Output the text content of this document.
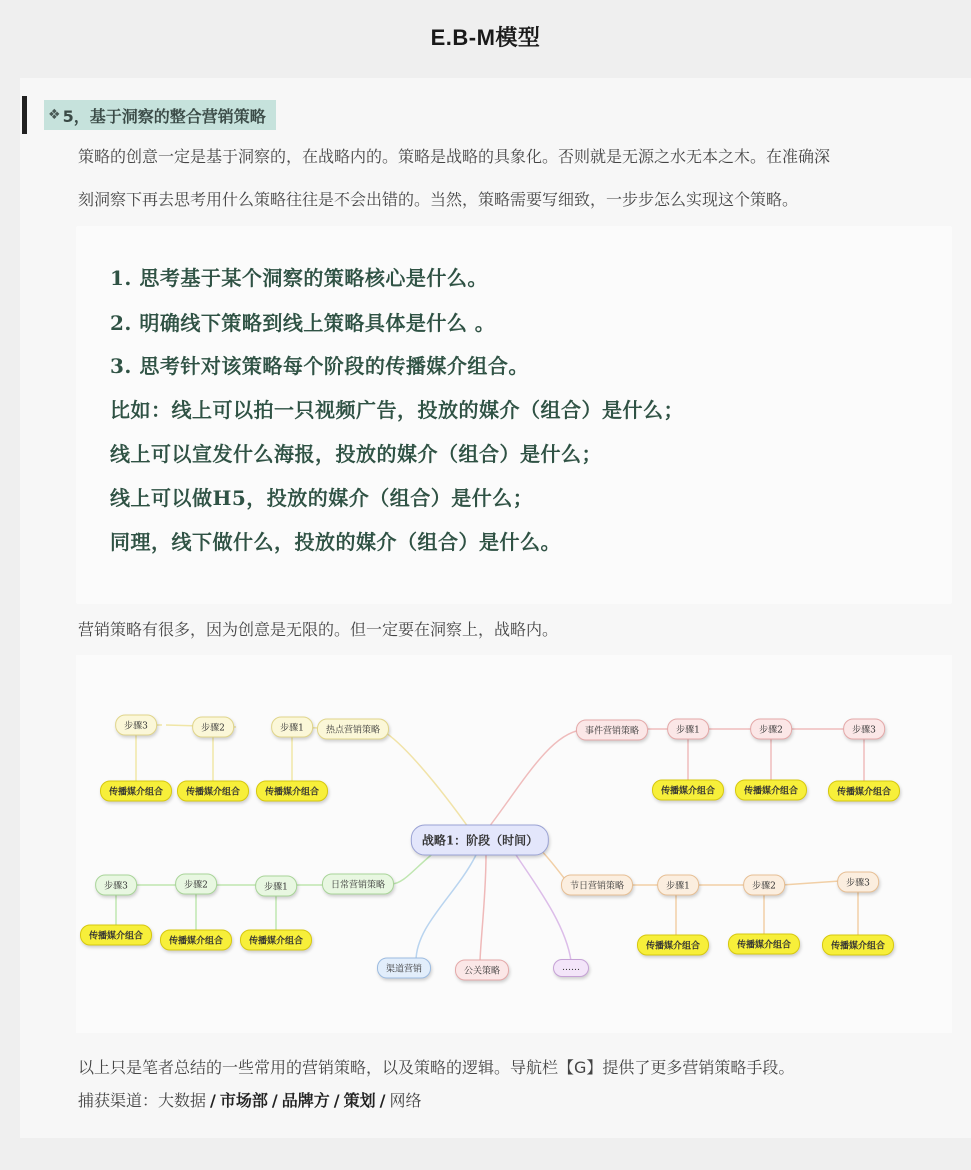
E.B-M模型
❖ 5，基于洞察的整合营销策略
策略的创意一定是基于洞察的，在战略内的。策略是战略的具象化。否则就是无源之水无本之木。在准确深
刻洞察下再去思考用什么策略往往是不会出错的。当然，策略需要写细致，一步步怎么实现这个策略。
1. 思考基于某个洞察的策略核心是什么。
2. 明确线下策略到线上策略具体是什么 。
3. 思考针对该策略每个阶段的传播媒介组合。
比如：线上可以拍一只视频广告，投放的媒介（组合）是什么；
线上可以宣发什么海报，投放的媒介（组合）是什么；
线上可以做H5，投放的媒介（组合）是什么；
同理，线下做什么，投放的媒介（组合）是什么。
营销策略有很多，因为创意是无限的。但一定要在洞察上，战略内。
战略1：阶段（时间）
热点营销策略
步骤1
步骤2
步骤3
传播媒介组合	传播媒介组合	传播媒介组合
事件营销策略	步骤1	步骤2	步骤3
传播媒介组合	传播媒介组合	传播媒介组合
日常营销策略
步骤1
步骤2
步骤3
传播媒介组合	传播媒介组合	传播媒介组合
节日营销策略	步骤1	步骤2	步骤3
传播媒介组合	传播媒介组合	传播媒介组合
渠道营销	公关策略	……
以上只是笔者总结的一些常用的营销策略，以及策略的逻辑。导航栏【G】提供了更多营销策略手段。
捕获渠道：大数据 / 市场部 / 品牌方 / 策划 / 网络
